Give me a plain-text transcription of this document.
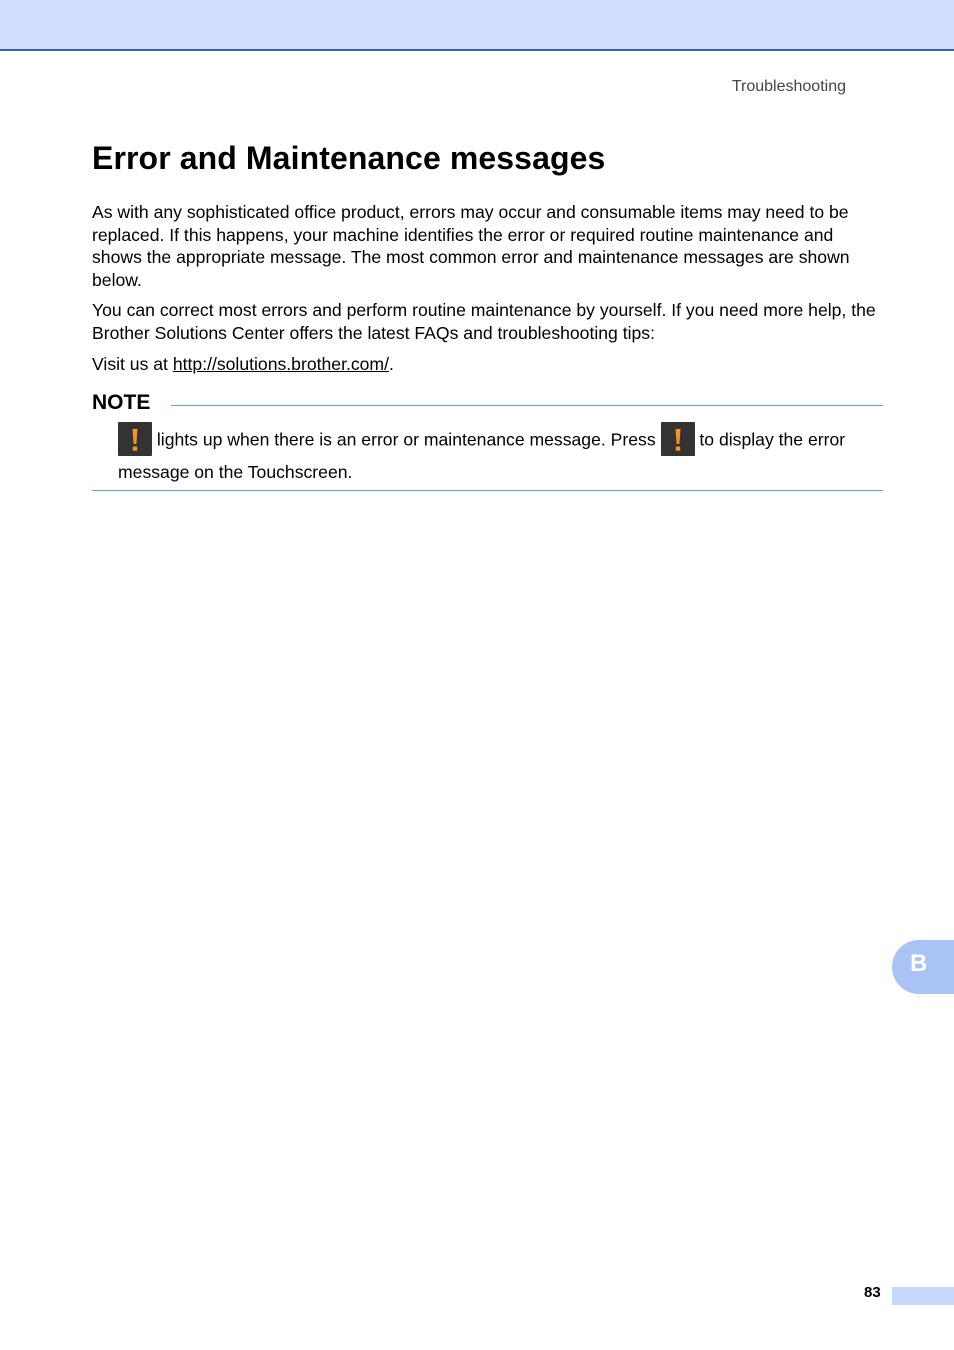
Troubleshooting
Error and Maintenance messages

As with any sophisticated office product, errors may occur and consumable items may need to be replaced. If this happens, your machine identifies the error or required routine maintenance and shows the appropriate message. The most common error and maintenance messages are shown below.

You can correct most errors and perform routine maintenance by yourself. If you need more help, the Brother Solutions Center offers the latest FAQs and troubleshooting tips:

Visit us at http://solutions.brother.com/.

NOTE

lights up when there is an error or maintenance message. Press
to display the error message on the Touchscreen.

B
83
